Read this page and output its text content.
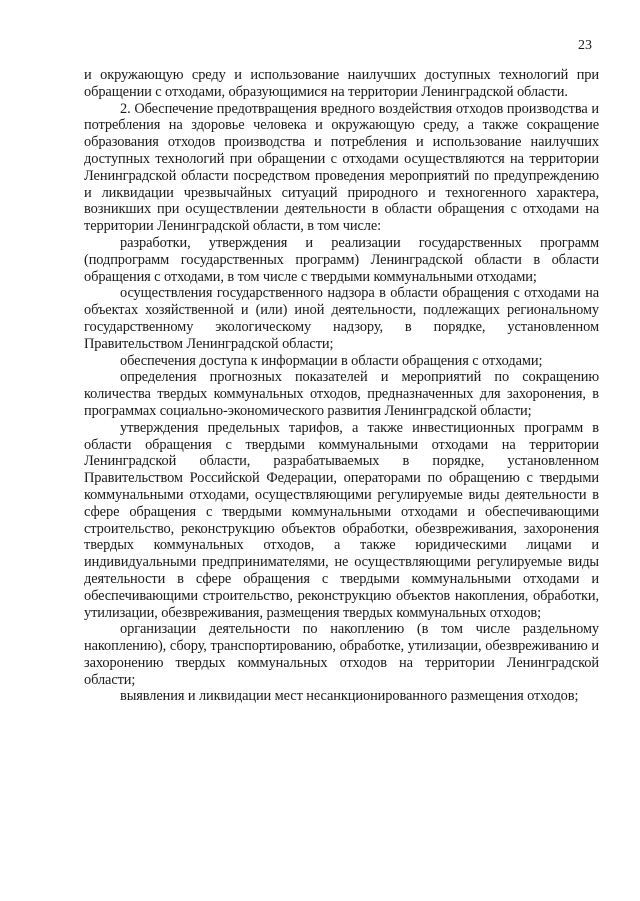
23

и окружающую среду и использование наилучших доступных технологий при обращении с отходами, образующимися на территории Ленинградской области.

2. Обеспечение предотвращения вредного воздействия отходов производства и потребления на здоровье человека и окружающую среду, а также сокращение образования отходов производства и потребления и использование наилучших доступных технологий при обращении с отходами осуществляются на территории Ленинградской области посредством проведения мероприятий по предупреждению и ликвидации чрезвычайных ситуаций природного и техногенного характера, возникших при осуществлении деятельности в области обращения с отходами на территории Ленинградской области, в том числе:

разработки, утверждения и реализации государственных программ (подпрограмм государственных программ) Ленинградской области в области обращения с отходами, в том числе с твердыми коммунальными отходами;

осуществления государственного надзора в области обращения с отходами на объектах хозяйственной и (или) иной деятельности, подлежащих региональному государственному экологическому надзору, в порядке, установленном Правительством Ленинградской области;

обеспечения доступа к информации в области обращения с отходами;

определения прогнозных показателей и мероприятий по сокращению количества твердых коммунальных отходов, предназначенных для захоронения, в программах социально-экономического развития Ленинградской области;

утверждения предельных тарифов, а также инвестиционных программ в области обращения с твердыми коммунальными отходами на территории Ленинградской области, разрабатываемых в порядке, установленном Правительством Российской Федерации, операторами по обращению с твердыми коммунальными отходами, осуществляющими регулируемые виды деятельности в сфере обращения с твердыми коммунальными отходами и обеспечивающими строительство, реконструкцию объектов обработки, обезвреживания, захоронения твердых коммунальных отходов, а также юридическими лицами и индивидуальными предпринимателями, не осуществляющими регулируемые виды деятельности в сфере обращения с твердыми коммунальными отходами и обеспечивающими строительство, реконструкцию объектов накопления, обработки, утилизации, обезвреживания, размещения твердых коммунальных отходов;

организации деятельности по накоплению (в том числе раздельному накоплению), сбору, транспортированию, обработке, утилизации, обезвреживанию и захоронению твердых коммунальных отходов на территории Ленинградской области;

выявления и ликвидации мест несанкционированного размещения отходов;
